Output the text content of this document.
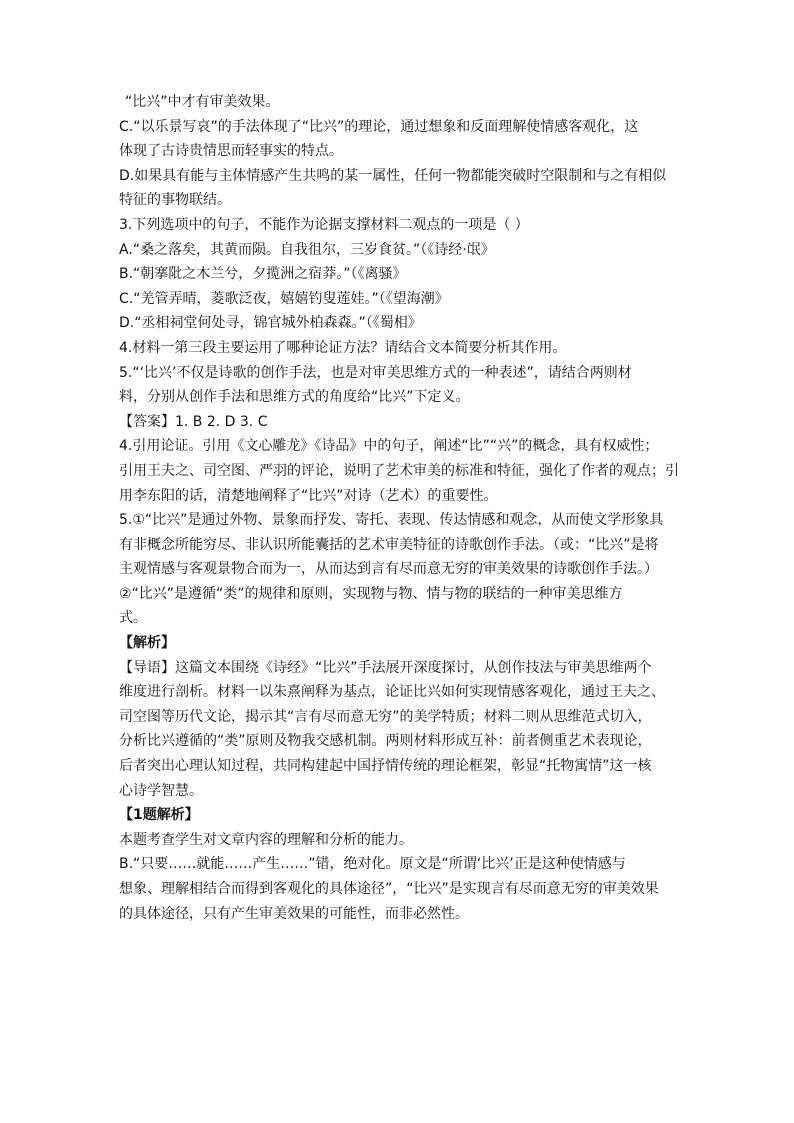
“比兴”中才有审美效果。
C.“以乐景写哀”的手法体现了“比兴”的理论，通过想象和反面理解使情感客观化，这
体现了古诗贵情思而轻事实的特点。
D.如果具有能与主体情感产生共鸣的某一属性，任何一物都能突破时空限制和与之有相似
特征的事物联结。
3.下列选项中的句子，不能作为论据支撑材料二观点的一项是（ ）
A.“桑之落矣，其黄而陨。自我徂尔，三岁食贫。”（《诗经·氓》
B.“朝搴阰之木兰兮，夕揽洲之宿莽。”（《离骚》
C.“羌管弄晴，菱歌泛夜，嬉嬉钓叟莲娃。”（《望海潮》
D.“丞相祠堂何处寻，锦官城外柏森森。”（《蜀相》
4.材料一第三段主要运用了哪种论证方法？请结合文本简要分析其作用。
5.“‘比兴’不仅是诗歌的创作手法，也是对审美思维方式的一种表述”，请结合两则材
料，分别从创作手法和思维方式的角度给“比兴”下定义。
【答案】1. B 2. D 3. C
4.引用论证。引用《文心雕龙》《诗品》中的句子，阐述“比”“兴”的概念，具有权威性；
引用王夫之、司空图、严羽的评论，说明了艺术审美的标准和特征，强化了作者的观点；引
用李东阳的话，清楚地阐释了“比兴”对诗（艺术）的重要性。
5.①“比兴”是通过外物、景象而抒发、寄托、表现、传达情感和观念，从而使文学形象具
有非概念所能穷尽、非认识所能囊括的艺术审美特征的诗歌创作手法。（或：“比兴”是将
主观情感与客观景物合而为一，从而达到言有尽而意无穷的审美效果的诗歌创作手法。）
②“比兴”是遵循“类”的规律和原则，实现物与物、情与物的联结的一种审美思维方
式。
【解析】
【导语】这篇文本围绕《诗经》“比兴”手法展开深度探讨，从创作技法与审美思维两个
维度进行剖析。材料一以朱熹阐释为基点，论证比兴如何实现情感客观化，通过王夫之、
司空图等历代文论，揭示其“言有尽而意无穷”的美学特质；材料二则从思维范式切入，
分析比兴遵循的“类”原则及物我交感机制。两则材料形成互补：前者侧重艺术表现论，
后者突出心理认知过程，共同构建起中国抒情传统的理论框架，彰显“托物寓情”这一核
心诗学智慧。
【1题解析】
本题考查学生对文章内容的理解和分析的能力。
B.“只要……就能……产生……”错，绝对化。原文是“所谓‘比兴’正是这种使情感与
想象、理解相结合而得到客观化的具体途径”，“比兴”是实现言有尽而意无穷的审美效果
的具体途径，只有产生审美效果的可能性，而非必然性。
